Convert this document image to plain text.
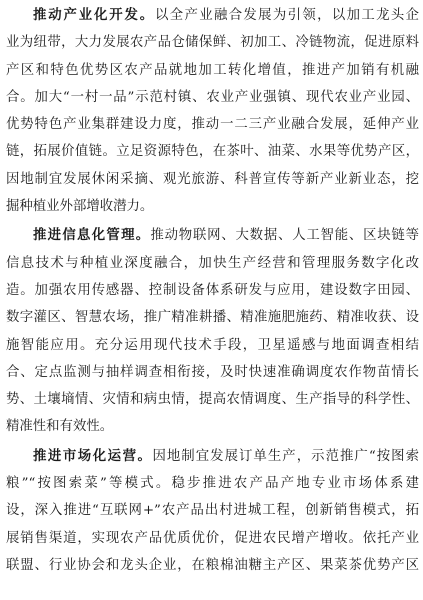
推动产业化开发。以全产业融合发展为引领，以加工龙头企
业为纽带，大力发展农产品仓储保鲜、初加工、冷链物流，促进原料
产区和特色优势区农产品就地加工转化增值，推进产加销有机融
合。加大“一村一品”示范村镇、农业产业强镇、现代农业产业园、
优势特色产业集群建设力度，推动一二三产业融合发展，延伸产业
链，拓展价值链。立足资源特色，在茶叶、油菜、水果等优势产区，
因地制宜发展休闲采摘、观光旅游、科普宣传等新产业新业态，挖
掘种植业外部增收潜力。
推进信息化管理。推动物联网、大数据、人工智能、区块链等
信息技术与种植业深度融合，加快生产经营和管理服务数字化改
造。加强农用传感器、控制设备体系研发与应用，建设数字田园、
数字灌区、智慧农场，推广精准耕播、精准施肥施药、精准收获、设
施智能应用。充分运用现代技术手段，卫星遥感与地面调查相结
合、定点监测与抽样调查相衔接，及时快速准确调度农作物苗情长
势、土壤墒情、灾情和病虫情，提高农情调度、生产指导的科学性、
精准性和有效性。
推进市场化运营。因地制宜发展订单生产，示范推广“按图索
粮”“按图索菜”等模式。稳步推进农产品产地专业市场体系建
设，深入推进“互联网+”农产品出村进城工程，创新销售模式，拓
展销售渠道，实现农产品优质优价，促进农民增产增收。依托产业
联盟、行业协会和龙头企业，在粮棉油糖主产区、果菜茶优势产区
